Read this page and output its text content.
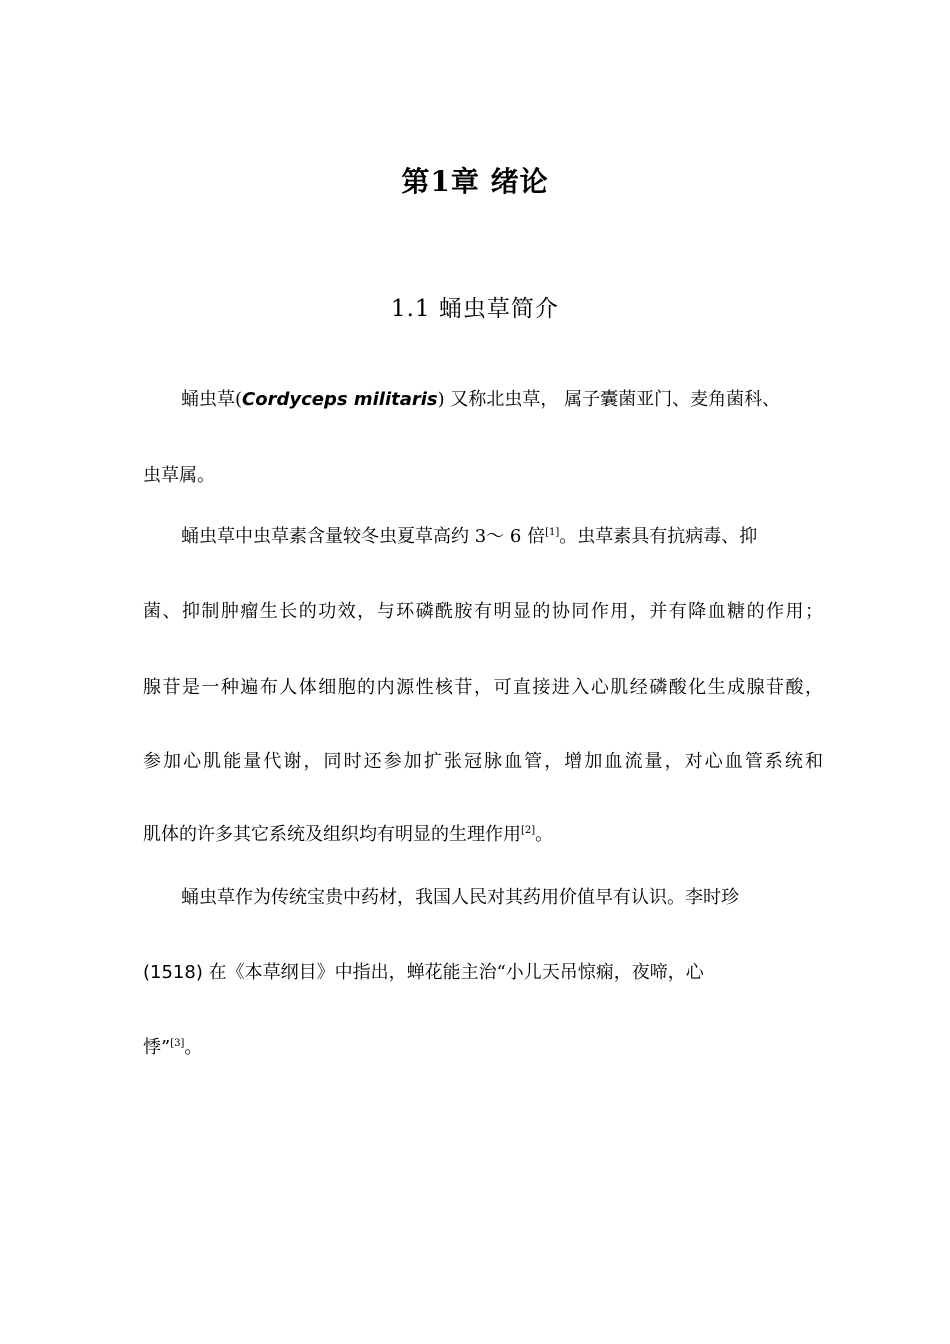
第1章 绪论
1.1 蛹虫草简介
蛹虫草(Cordyceps militaris) 又称北虫草， 属子囊菌亚门、麦角菌科、
虫草属。
蛹虫草中虫草素含量较冬虫夏草高约 3～ 6 倍[1]。虫草素具有抗病毒、抑
菌、抑制肿瘤生长的功效，与环磷酰胺有明显的协同作用，并有降血糖的作用；
腺苷是一种遍布人体细胞的内源性核苷，可直接进入心肌经磷酸化生成腺苷酸，
参加心肌能量代谢，同时还参加扩张冠脉血管，增加血流量，对心血管系统和
肌体的许多其它系统及组织均有明显的生理作用[2]。
蛹虫草作为传统宝贵中药材，我国人民对其药用价值早有认识。李时珍
(1518) 在《本草纲目》中指出，蝉花能主治“小儿天吊惊痫，夜啼，心
悸”[3]。
